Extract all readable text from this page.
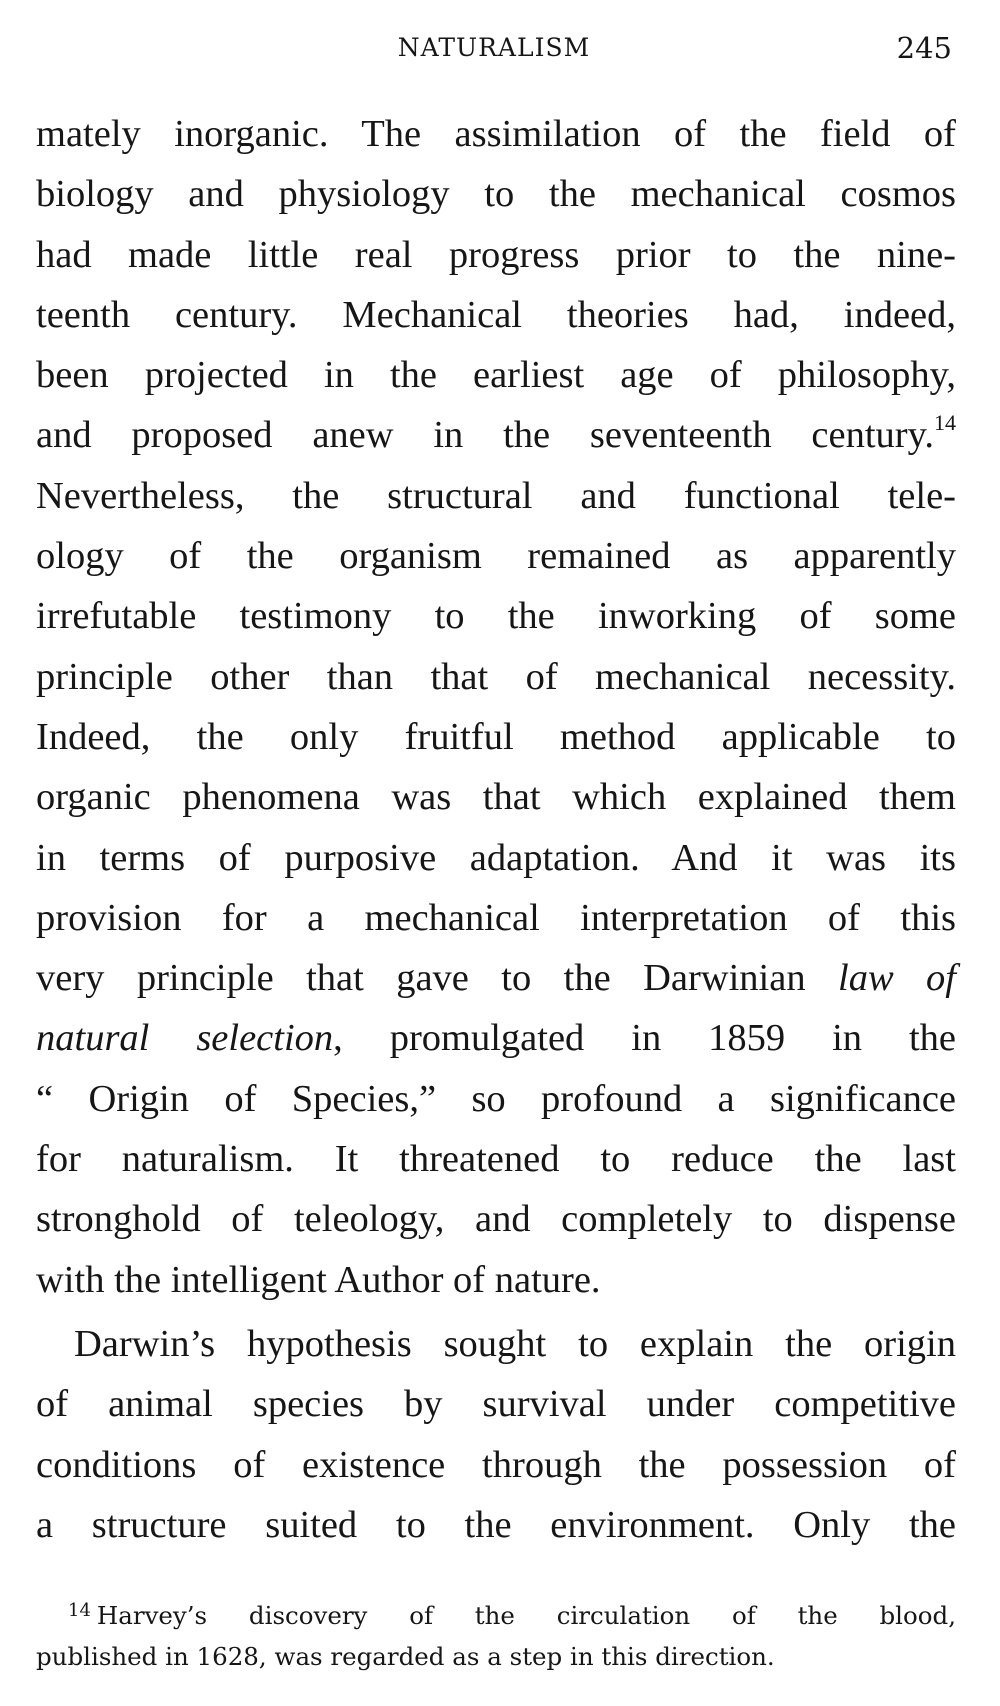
NATURALISM	245
mately inorganic. The assimilation of the field of
biology and physiology to the mechanical cosmos
had made little real progress prior to the nine-
teenth century. Mechanical theories had, indeed,
been projected in the earliest age of philosophy,
and proposed anew in the seventeenth century.$^{14}$
Nevertheless, the structural and functional tele-
ology of the organism remained as apparently
irrefutable testimony to the inworking of some
principle other than that of mechanical necessity.
Indeed, the only fruitful method applicable to
organic phenomena was that which explained them
in terms of purposive adaptation. And it was its
provision for a mechanical interpretation of this
very principle that gave to the Darwinian law of
natural selection, promulgated in 1859 in the
“ Origin of Species,” so profound a significance
for naturalism. It threatened to reduce the last
stronghold of teleology, and completely to dispense
with the intelligent Author of nature.
Darwin’s hypothesis sought to explain the origin
of animal species by survival under competitive
conditions of existence through the possession of
a structure suited to the environment. Only the
$^{14}$ Harvey’s discovery of the circulation of the blood,
published in 1628, was regarded as a step in this direction.
